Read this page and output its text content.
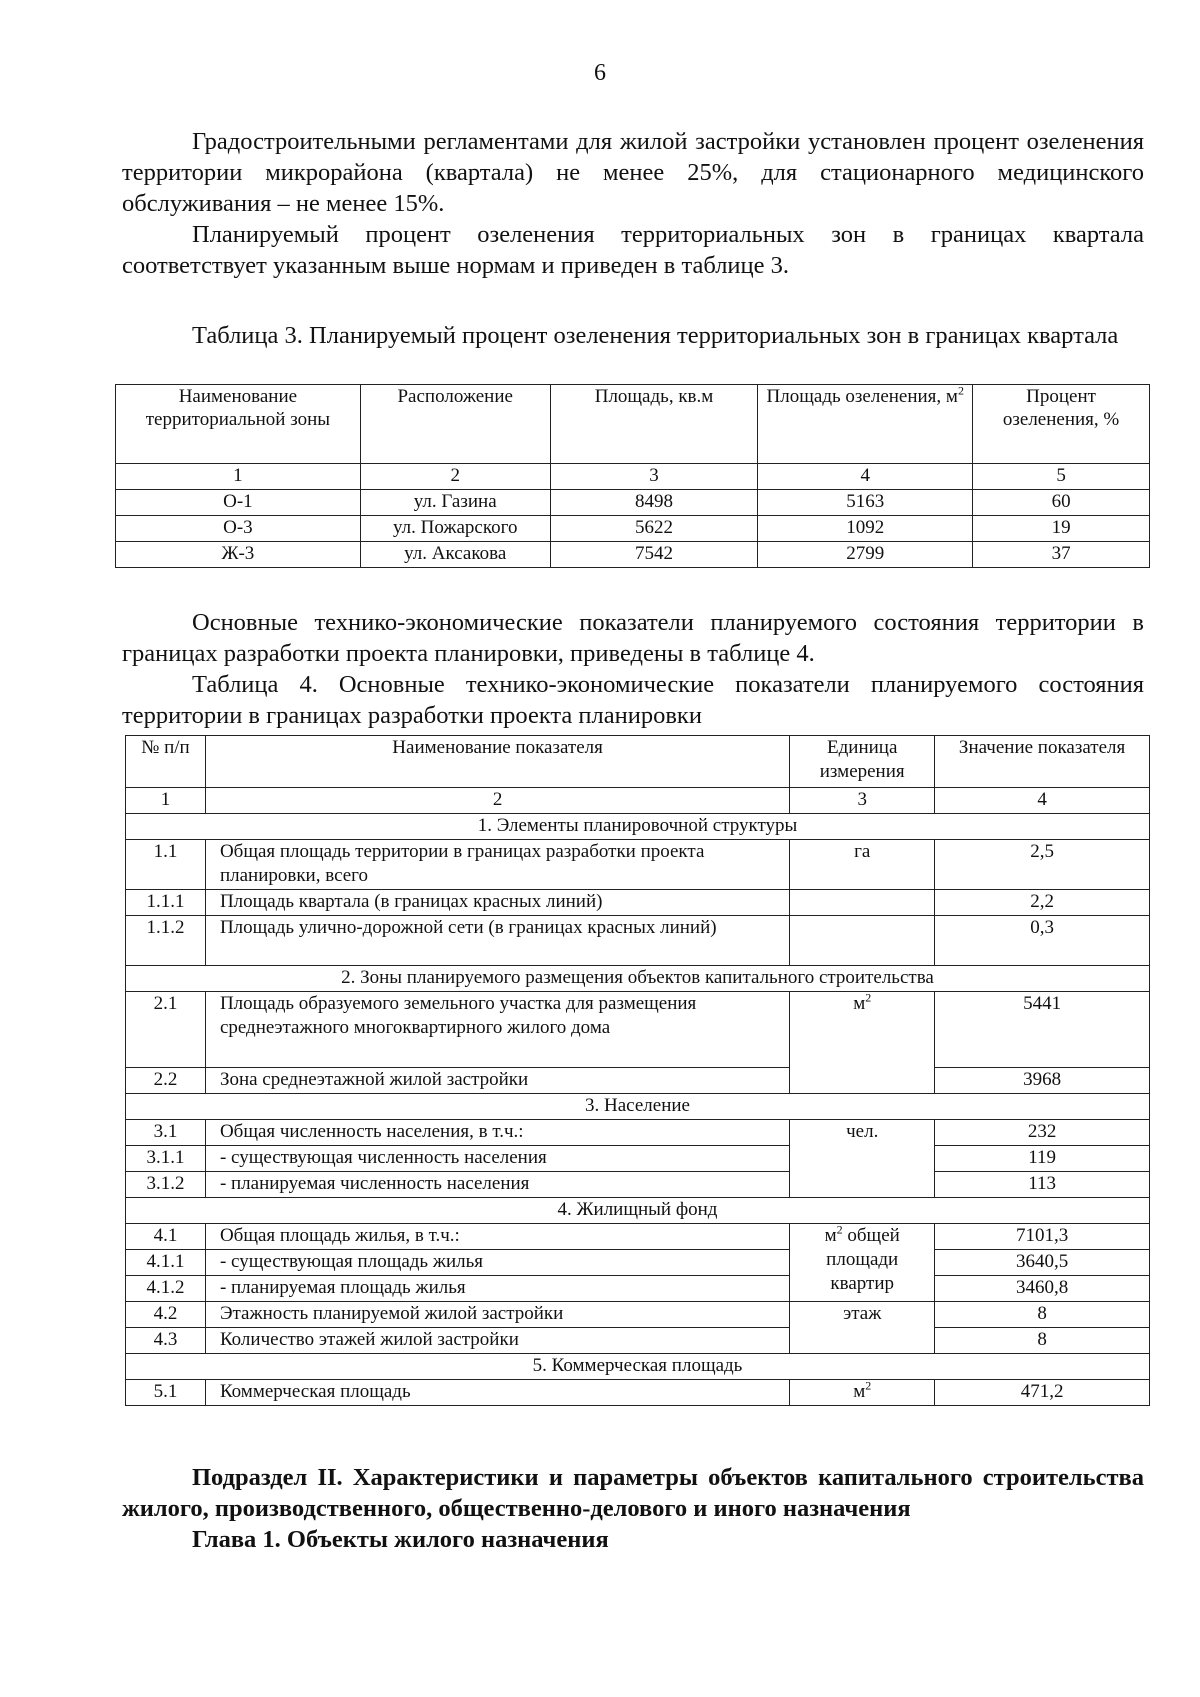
6

Градостроительными регламентами для жилой застройки установлен процент озеленения территории микрорайона (квартала) не менее 25%, для стационарного медицинского обслуживания – не менее 15%.

Планируемый процент озеленения территориальных зон в границах квартала соответствует указанным выше нормам и приведен в таблице 3.

Таблица 3. Планируемый процент озеленения территориальных зон в границах квартала

Наименование территориальной зоны	Расположение	Площадь, кв.м	Площадь озеленения, $м^2$	Процент озеленения, %
1	2	3	4	5
О-1	ул. Газина	8498	5163	60
О-3	ул. Пожарского	5622	1092	19
Ж-3	ул. Аксакова	7542	2799	37

Основные технико-экономические показатели планируемого состояния территории в границах разработки проекта планировки, приведены в таблице 4.

Таблица 4. Основные технико-экономические показатели планируемого состояния территории в границах разработки проекта планировки

№ п/п	Наименование показателя	Единица измерения	Значение показателя
1	2	3	4
1. Элементы планировочной структуры			
1.1	Общая площадь территории в границах разработки проекта планировки, всего	га	2,5
1.1.1	Площадь квартала (в границах красных линий)		2,2
1.1.2	Площадь улично-дорожной сети (в границах красных линий)		0,3
2. Зоны планируемого размещения объектов капитального строительства			
2.1	Площадь образуемого земельного участка для размещения среднеэтажного многоквартирного жилого дома	$м^2$	5441
2.2	Зона среднеэтажной жилой застройки		3968
3. Население			
3.1	Общая численность населения, в т.ч.:	чел.	232
3.1.1	- существующая численность населения		119
3.1.2	- планируемая численность населения		113
4. Жилищный фонд			
4.1	Общая площадь жилья, в т.ч.:	$м^2$ общей
площади
квартир	7101,3
4.1.1	- существующая площадь жилья		3640,5
4.1.2	- планируемая площадь жилья		3460,8
4.2	Этажность планируемой жилой застройки	этаж	8
4.3	Количество этажей жилой застройки		8
5. Коммерческая площадь			
5.1	Коммерческая площадь	$м^2$	471,2

Подраздел II. Характеристики и параметры объектов капитального строительства жилого, производственного, общественно-делового и иного назначения

Глава 1. Объекты жилого назначения
